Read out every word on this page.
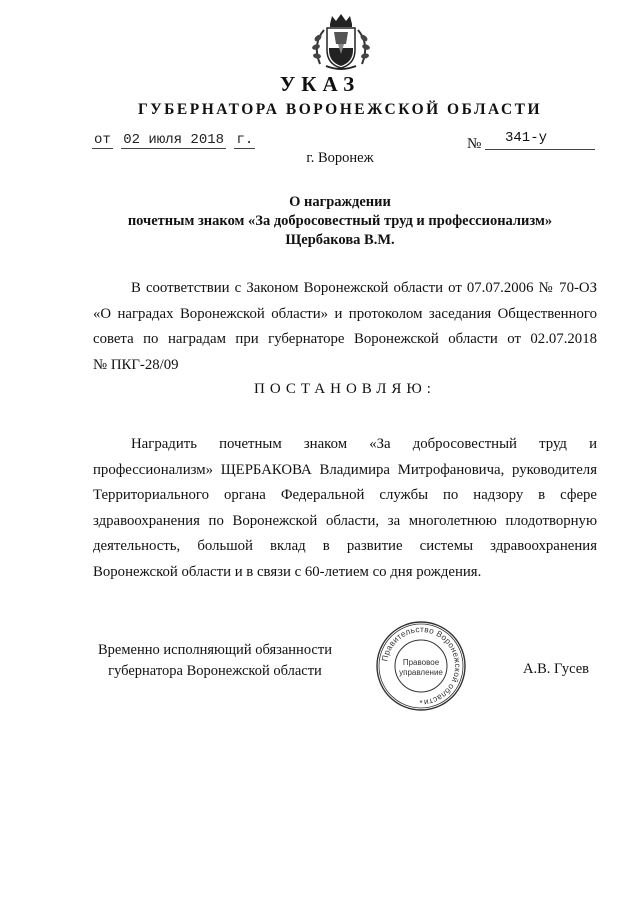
УКАЗ
ГУБЕРНАТОРА ВОРОНЕЖСКОЙ ОБЛАСТИ
от 02 июля 2018 г.	№	341-у
г. Воронеж
О награждении
почетным знаком «За добросовестный труд и профессионализм»
Щербакова В.М.
В соответствии с Законом Воронежской области от 07.07.2006 № 70-ОЗ
«О наградах Воронежской области» и протоколом заседания Общественного
совета по наградам при губернаторе Воронежской области от 02.07.2018
№ ПКГ-28/09
ПОСТАНОВЛЯЮ:
Наградить почетным знаком «За добросовестный труд и
профессионализм» ЩЕРБАКОВА Владимира Митрофановича, руководителя
Территориального органа Федеральной службы по надзору в сфере
здравоохранения по Воронежской области, за многолетнюю плодотворную
деятельность, большой вклад в развитие системы здравоохранения
Воронежской области и в связи с 60-летием со дня рождения.
Временно исполняющий обязанности
губернатора Воронежской области
Правительство Воронежской области
Правовое
управление
*
А.В. Гусев
